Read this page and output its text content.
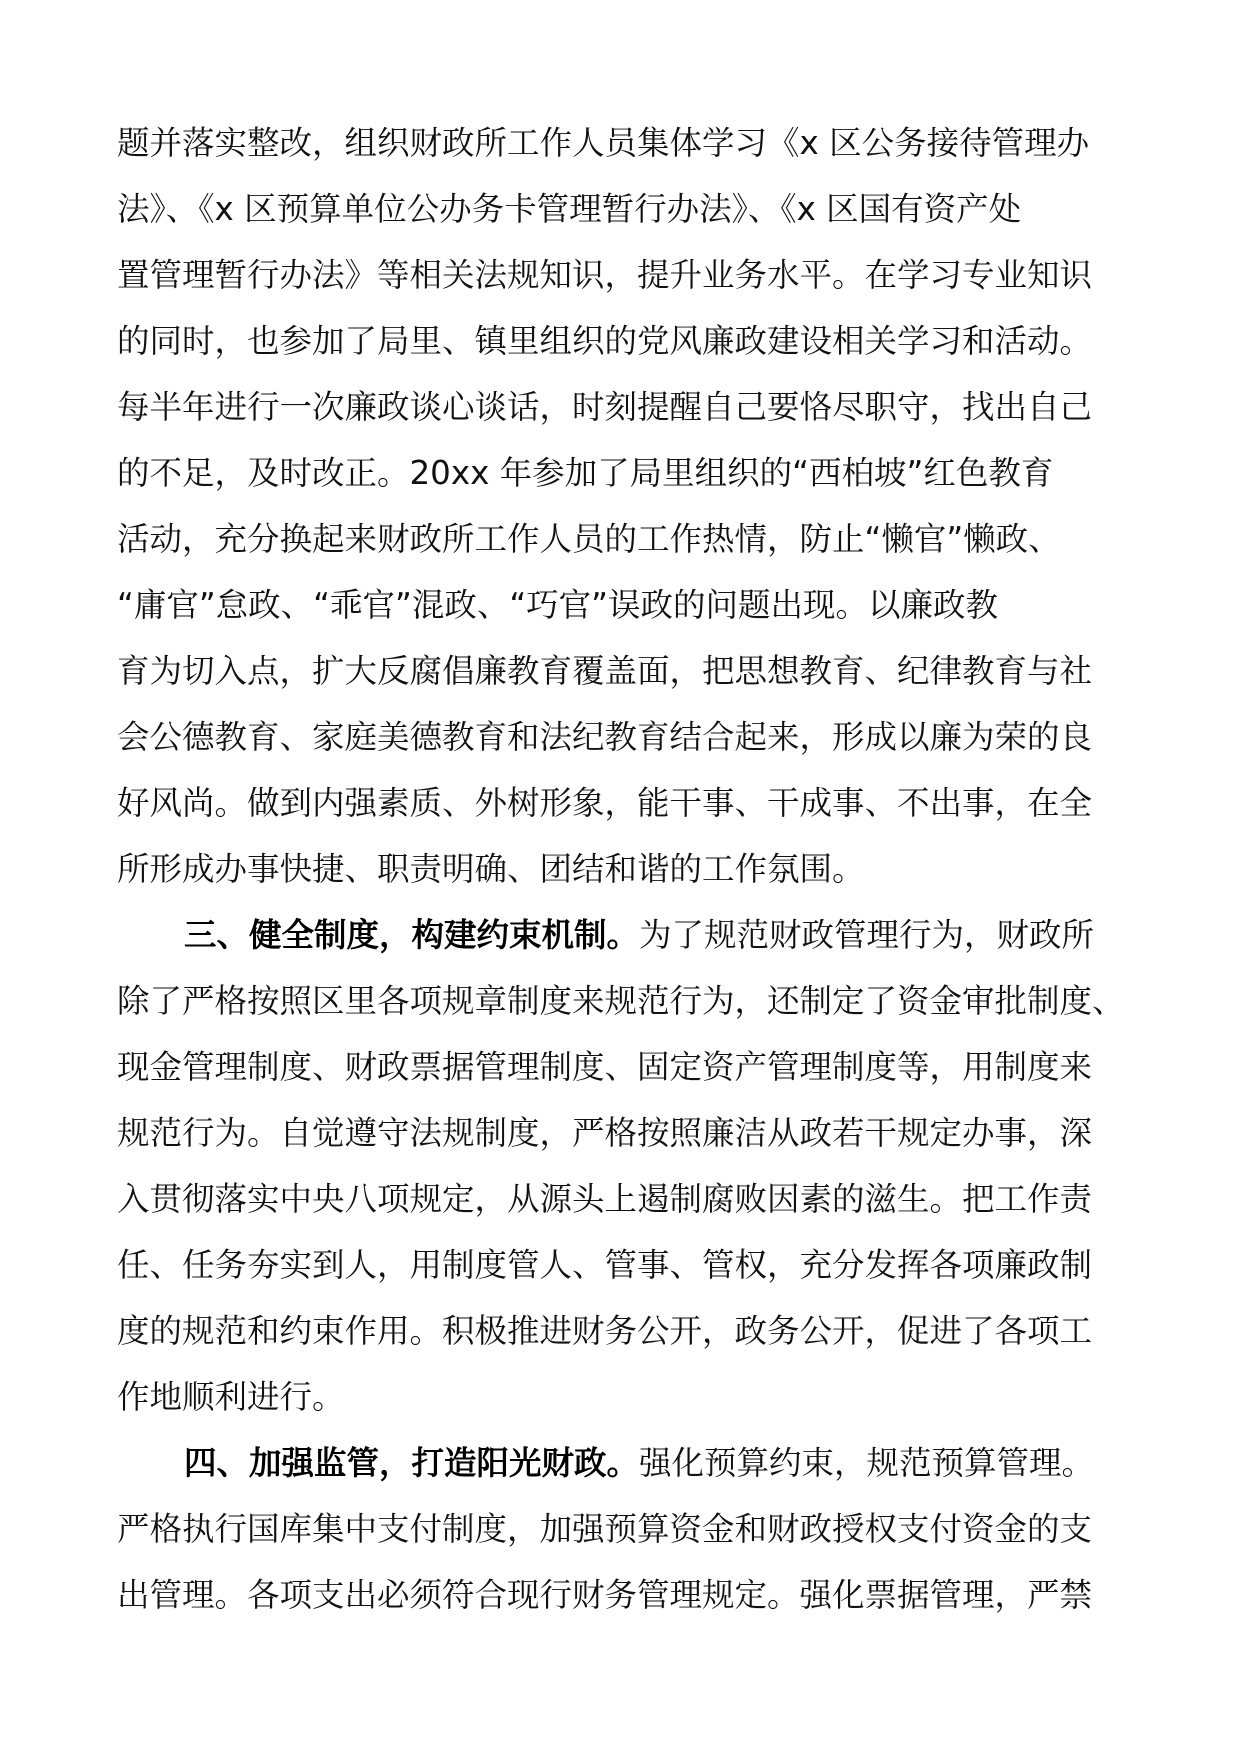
题并落实整改，组织财政所工作人员集体学习《x 区公务接待管理办
法》、《x 区预算单位公办务卡管理暂行办法》、《x 区国有资产处
置管理暂行办法》等相关法规知识，提升业务水平。在学习专业知识
的同时，也参加了局里、镇里组织的党风廉政建设相关学习和活动。
每半年进行一次廉政谈心谈话，时刻提醒自己要恪尽职守，找出自己
的不足，及时改正。20xx 年参加了局里组织的“西柏坡”红色教育
活动，充分换起来财政所工作人员的工作热情，防止“懒官”懒政、
“庸官”怠政、“乖官”混政、“巧官”误政的问题出现。以廉政教
育为切入点，扩大反腐倡廉教育覆盖面，把思想教育、纪律教育与社
会公德教育、家庭美德教育和法纪教育结合起来，形成以廉为荣的良
好风尚。做到内强素质、外树形象，能干事、干成事、不出事，在全
所形成办事快捷、职责明确、团结和谐的工作氛围。
三、健全制度，构建约束机制。为了规范财政管理行为，财政所
除了严格按照区里各项规章制度来规范行为，还制定了资金审批制度、
现金管理制度、财政票据管理制度、固定资产管理制度等，用制度来
规范行为。自觉遵守法规制度，严格按照廉洁从政若干规定办事，深
入贯彻落实中央八项规定，从源头上遏制腐败因素的滋生。把工作责
任、任务夯实到人，用制度管人、管事、管权，充分发挥各项廉政制
度的规范和约束作用。积极推进财务公开，政务公开，促进了各项工
作地顺利进行。
四、加强监管，打造阳光财政。强化预算约束，规范预算管理。
严格执行国库集中支付制度，加强预算资金和财政授权支付资金的支
出管理。各项支出必须符合现行财务管理规定。强化票据管理，严禁
